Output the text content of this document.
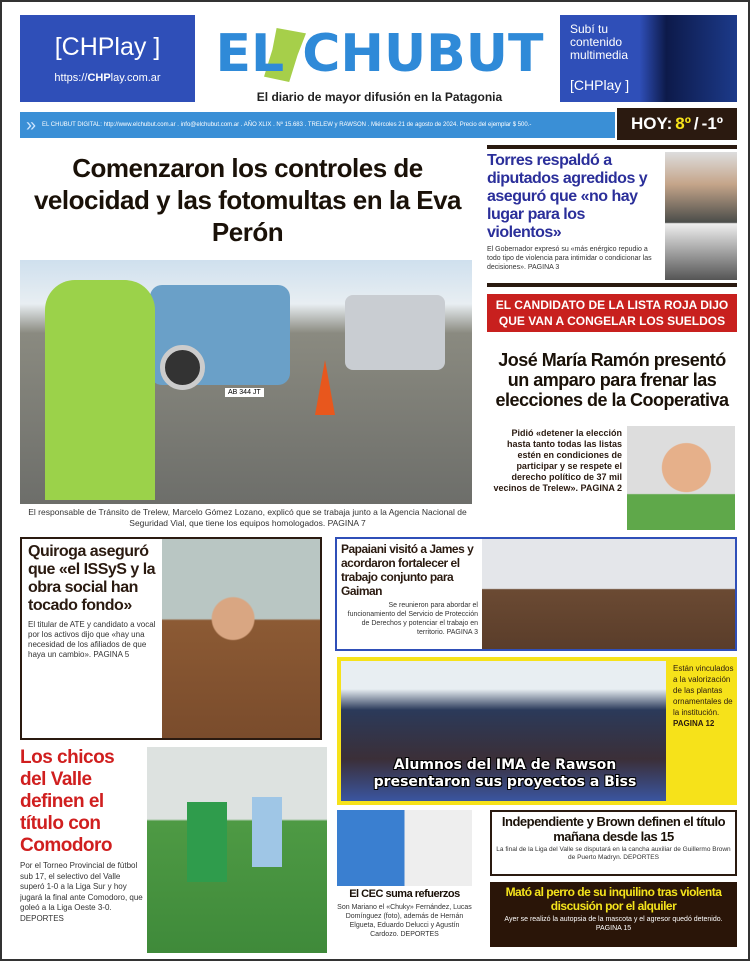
[CHPlay ]
https://CHPlay.com.ar	EL CHUBUT
El diario de mayor difusión en la Patagonia
Subí tu contenido multimedia
[CHPlay ]
» EL CHUBUT DIGITAL: http://www.elchubut.com.ar . info@elchubut.com.ar . AÑO XLIX . Nº 15.683 . TRELEW y RAWSON . Miércoles 21 de agosto de 2024. Precio del ejemplar $ 500.-	HOY: 8º / -1º
Comenzaron los controles de velocidad y las fotomultas en la Eva Perón
AB 344 JT
El responsable de Tránsito de Trelew, Marcelo Gómez Lozano, explicó que se trabaja junto a la Agencia Nacional de Seguridad Vial, que tiene los equipos homologados. PAGINA 7
Torres respaldó a diputados agredidos y aseguró que «no hay lugar para los violentos»
El Gobernador expresó su «más enérgico repudio a todo tipo de violencia para intimidar o condicionar las decisiones». PAGINA 3
EL CANDIDATO DE LA LISTA ROJA DIJO QUE VAN A CONGELAR LOS SUELDOS
José María Ramón presentó un amparo para frenar las elecciones de la Cooperativa
Pidió «detener la elección hasta tanto todas las listas estén en condiciones de participar y se respete el derecho político de 37 mil vecinos de Trelew». PAGINA 2
Quiroga aseguró que «el ISSyS y la obra social han tocado fondo»
El titular de ATE y candidato a vocal por los activos dijo que «hay una necesidad de los afiliados de que haya un cambio». PAGINA 5
Papaiani visitó a James y acordaron fortalecer el trabajo conjunto para Gaiman
Se reunieron para abordar el funcionamiento del Servicio de Protección de Derechos y potenciar el trabajo en territorio. PAGINA 3
Alumnos del IMA de Rawson presentaron sus proyectos a Biss
Están vinculados a la valorización de las plantas ornamentales de la institución.
PAGINA 12
Los chicos del Valle definen el título con Comodoro
Por el Torneo Provincial de fútbol sub 17, el selectivo del Valle superó 1-0 a la Liga Sur y hoy jugará la final ante Comodoro, que goleó a la Liga Oeste 3-0. DEPORTES
El CEC suma refuerzos
Son Mariano el «Chuky» Fernández, Lucas Domínguez (foto), además de Hernán Elgueta, Eduardo Delucci y Agustín Cardozo. DEPORTES
Independiente y Brown definen el título mañana desde las 15
La final de la Liga del Valle se disputará en la cancha auxiliar de Guillermo Brown de Puerto Madryn. DEPORTES
Mató al perro de su inquilino tras violenta discusión por el alquiler
Ayer se realizó la autopsia de la mascota y el agresor quedó detenido. PAGINA 15
